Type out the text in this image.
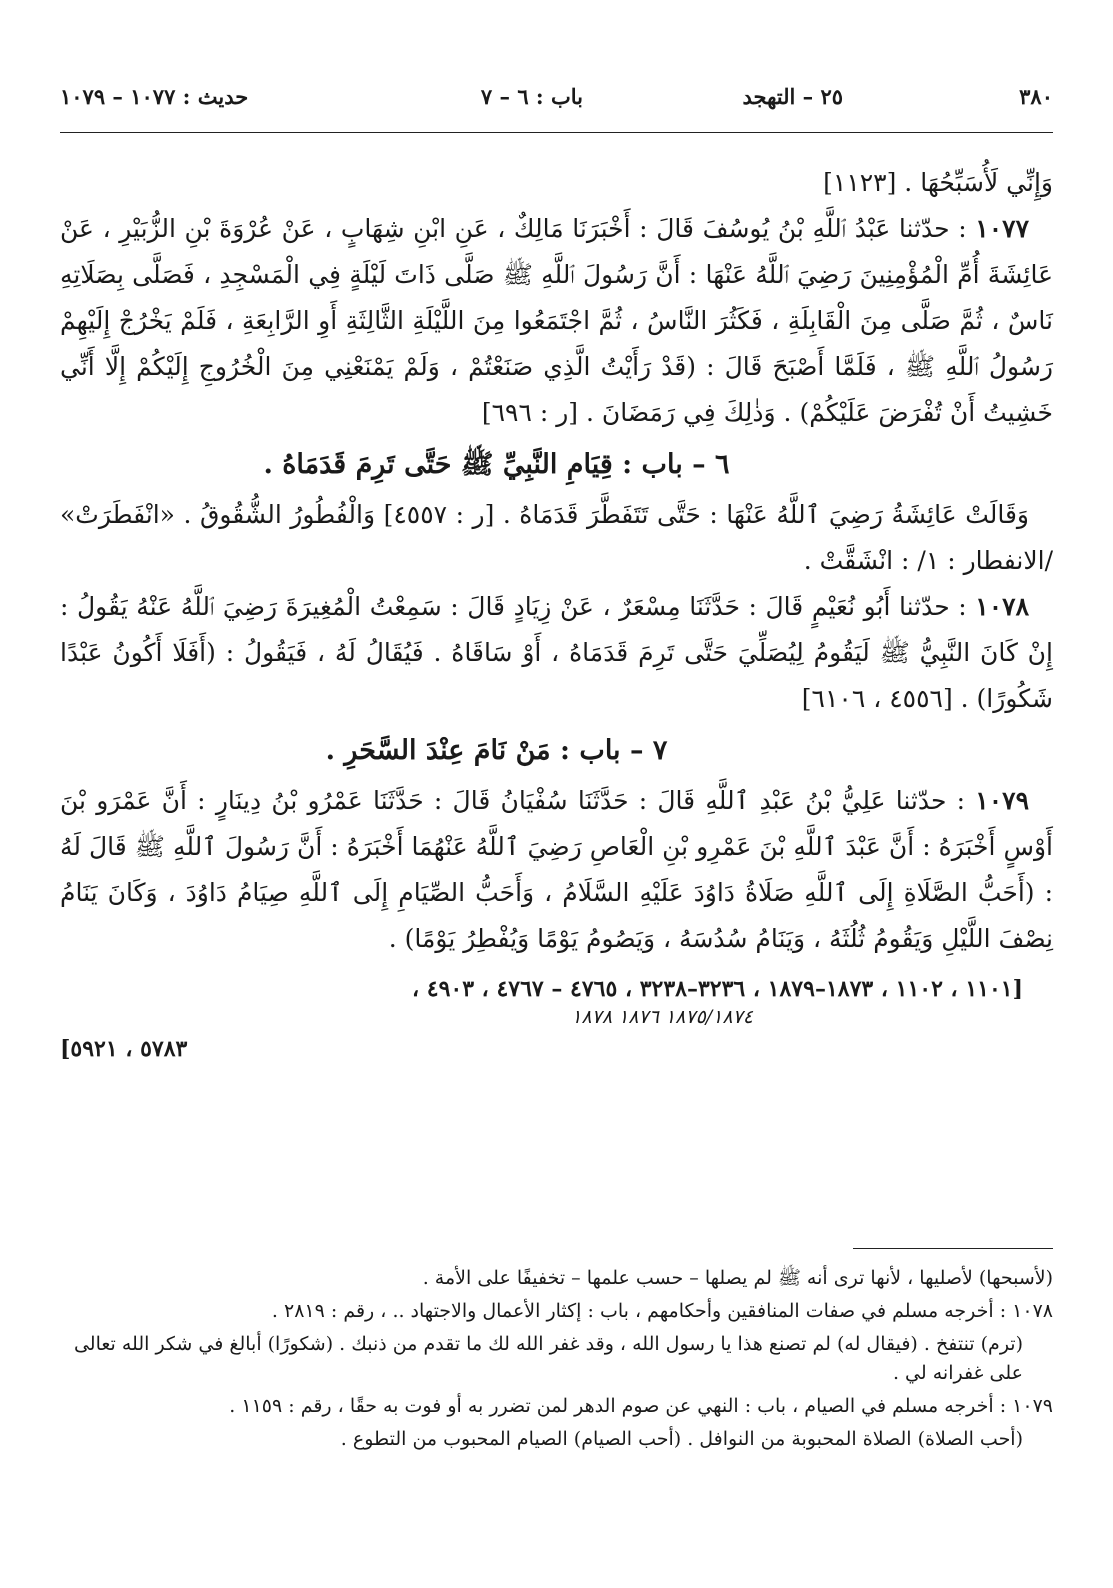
٣٨٠
٢٥ – التهجد
باب : ٦ – ٧
حديث : ١٠٧٧ – ١٠٧٩

وَإِنِّي لَأُسَبِّحُهَا . [١١٢٣]

١٠٧٧ : حدّثنا عَبْدُ ٱللَّهِ بْنُ يُوسُفَ قَالَ : أَخْبَرَنَا مَالِكٌ ، عَنِ ابْنِ شِهَابٍ ، عَنْ عُرْوَةَ بْنِ الزُّبَيْرِ ، عَنْ عَائِشَةَ أُمِّ الْمُؤْمِنِينَ رَضِيَ ٱللَّهُ عَنْهَا : أَنَّ رَسُولَ ٱللَّهِ ﷺ صَلَّى ذَاتَ لَيْلَةٍ فِي الْمَسْجِدِ ، فَصَلَّى بِصَلَاتِهِ نَاسٌ ، ثُمَّ صَلَّى مِنَ الْقَابِلَةِ ، فَكَثُرَ النَّاسُ ، ثُمَّ اجْتَمَعُوا مِنَ اللَّيْلَةِ الثَّالِثَةِ أَوِ الرَّابِعَةِ ، فَلَمْ يَخْرُجْ إِلَيْهِمْ رَسُولُ ٱللَّهِ ﷺ ، فَلَمَّا أَصْبَحَ قَالَ : (قَدْ رَأَيْتُ الَّذِي صَنَعْتُمْ ، وَلَمْ يَمْنَعْنِي مِنَ الْخُرُوجِ إِلَيْكُمْ إِلَّا أَنِّي خَشِيتُ أَنْ تُفْرَضَ عَلَيْكُمْ) . وَذٰلِكَ فِي رَمَضَانَ . [ر : ٦٩٦]

٦ – باب : قِيَامِ النَّبِيِّ ﷺ حَتَّى تَرِمَ قَدَمَاهُ .

وَقَالَتْ عَائِشَةُ رَضِيَ ٱللَّهُ عَنْهَا : حَتَّى تَتَفَطَّرَ قَدَمَاهُ . [ر : ٤٥٥٧] وَالْفُطُورُ الشُّقُوقُ . «انْفَطَرَتْ» /الانفطار : ١/ : انْشَقَّتْ .

١٠٧٨ : حدّثنا أَبُو نُعَيْمٍ قَالَ : حَدَّثَنَا مِسْعَرٌ ، عَنْ زِيَادٍ قَالَ : سَمِعْتُ الْمُغِيرَةَ رَضِيَ ٱللَّهُ عَنْهُ يَقُولُ : إِنْ كَانَ النَّبِيُّ ﷺ لَيَقُومُ لِيُصَلِّيَ حَتَّى تَرِمَ قَدَمَاهُ ، أَوْ سَاقَاهُ . فَيُقَالُ لَهُ ، فَيَقُولُ : (أَفَلَا أَكُونُ عَبْدًا شَكُورًا) . [٤٥٥٦ ، ٦١٠٦]

٧ – باب : مَنْ نَامَ عِنْدَ السَّحَرِ .

١٠٧٩ : حدّثنا عَلِيُّ بْنُ عَبْدِ ٱللَّهِ قَالَ : حَدَّثَنَا سُفْيَانُ قَالَ : حَدَّثَنَا عَمْرُو بْنُ دِينَارٍ : أَنَّ عَمْرَو بْنَ أَوْسٍ أَخْبَرَهُ : أَنَّ عَبْدَ ٱللَّهِ بْنَ عَمْرِو بْنِ الْعَاصِ رَضِيَ ٱللَّهُ عَنْهُمَا أَخْبَرَهُ : أَنَّ رَسُولَ ٱللَّهِ ﷺ قَالَ لَهُ : (أَحَبُّ الصَّلَاةِ إِلَى ٱللَّهِ صَلَاةُ دَاوُدَ عَلَيْهِ السَّلَامُ ، وَأَحَبُّ الصِّيَامِ إِلَى ٱللَّهِ صِيَامُ دَاوُدَ ، وَكَانَ يَنَامُ نِصْفَ اللَّيْلِ وَيَقُومُ ثُلُثَهُ ، وَيَنَامُ سُدُسَهُ ، وَيَصُومُ يَوْمًا وَيُفْطِرُ يَوْمًا) .

[١١٠١ ، ١١٠٢ ، ١٨٧٣–١٨٧٩ ، ٣٢٣٦–٣٢٣٨ ، ٤٧٦٥ – ٤٧٦٧ ، ٤٩٠٣ ،

١٨٧٥/١٨٧٤ ١٨٧٦ ١٨٧٨

٥٧٨٣ ، ٥٩٢١]

(لأسبحها) لأصليها ، لأنها ترى أنه ﷺ لم يصلها – حسب علمها – تخفيفًا على الأمة .

١٠٧٨ : أخرجه مسلم في صفات المنافقين وأحكامهم ، باب : إكثار الأعمال والاجتهاد .. ، رقم : ٢٨١٩ .

(ترم) تنتفخ . (فيقال له) لم تصنع هذا يا رسول الله ، وقد غفر الله لك ما تقدم من ذنبك . (شكورًا) أبالغ في شكر الله تعالى على غفرانه لي .

١٠٧٩ : أخرجه مسلم في الصيام ، باب : النهي عن صوم الدهر لمن تضرر به أو فوت به حقًا ، رقم : ١١٥٩ .

(أحب الصلاة) الصلاة المحبوبة من النوافل . (أحب الصيام) الصيام المحبوب من التطوع .
